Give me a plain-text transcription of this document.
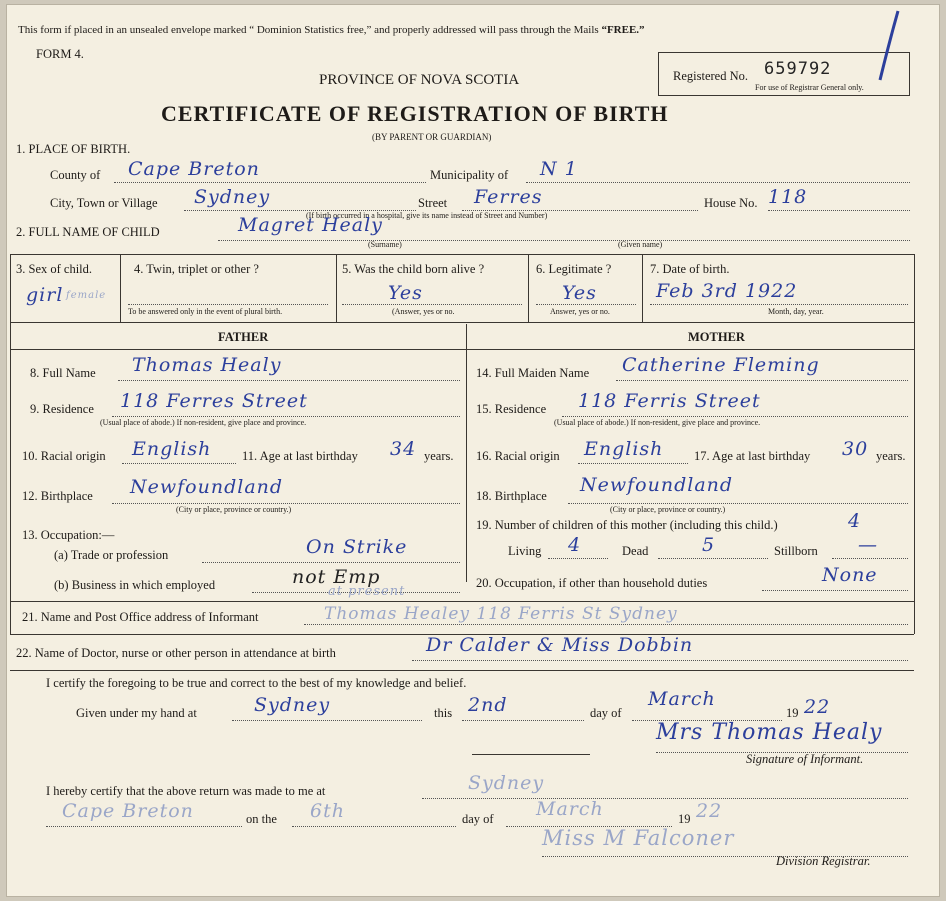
This form if placed in an unsealed envelope marked “ Dominion Statistics free,” and properly addressed will pass through the Mails “FREE.”
FORM 4.
PROVINCE OF NOVA SCOTIA
CERTIFICATE OF REGISTRATION OF BIRTH
(BY PARENT OR GUARDIAN)
Registered No. 659792
For use of Registrar General only.
1. PLACE OF BIRTH.
County of Cape Breton	Municipality of N 1
City, Town or Village Sydney	Street Ferres	House No. 118
(If birth occurred in a hospital, give its name instead of Street and Number)
2. FULL NAME OF CHILD	Magret Healy
(Surname)	(Given name)
3. Sex of child.
girl female
4. Twin, triplet or other ?
To be answered only in the event of plural birth.
5. Was the child born alive ?
Yes
(Answer, yes or no.
6. Legitimate ?
Yes
Answer, yes or no.
7. Date of birth.
Feb 3rd 1922
Month, day, year.
FATHER	MOTHER
8. Full Name Thomas Healy
9. Residence 118 Ferres Street
(Usual place of abode.) If non-resident, give place and province.
10. Racial origin English 11. Age at last birthday 34 years.
12. Birthplace Newfoundland
(City or place, province or country.)
13. Occupation:—
(a) Trade or profession	On Strike
(b) Business in which employed	not Emp
at present
14. Full Maiden Name Catherine Fleming
15. Residence 118 Ferris Street
(Usual place of abode.) If non-resident, give place and province.
16. Racial origin English 17. Age at last birthday 30 years.
18. Birthplace Newfoundland
(City or place, province or country.)
19. Number of children of this mother (including this child.)	4
Living 4	Dead	5	Stillborn —
20. Occupation, if other than household duties	None
21. Name and Post Office address of Informant	Thomas Healey 118 Ferris St Sydney
22. Name of Doctor, nurse or other person in attendance at birth	Dr Calder & Miss Dobbin
I certify the foregoing to be true and correct to the best of my knowledge and belief.
Given under my hand at	Sydney	this 2nd	day of
March
19 22
Mrs Thomas Healy
Signature of Informant.
I hereby certify that the above return was made to me at	Sydney
Cape Breton	on the 6th	day of March	19 22
Miss M Falconer
Division Registrar.
